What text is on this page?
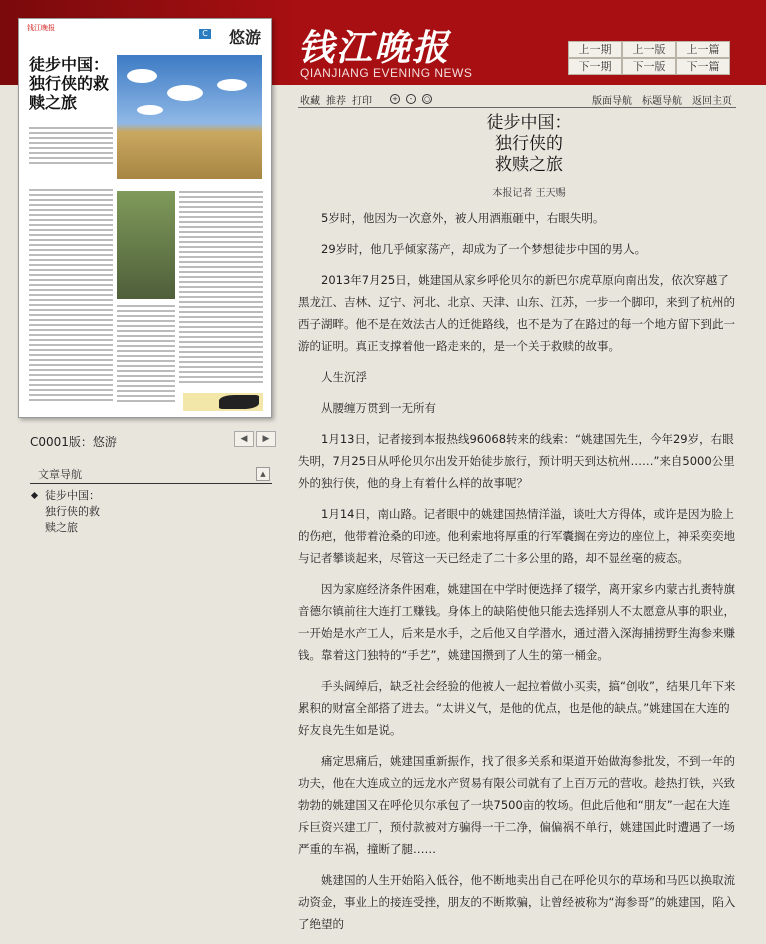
钱江晚报
QIANJIANG EVENING NEWS
上一期	上一版	上一篇
下一期	下一版	下一篇
钱江晚报
C 悠游
徒步中国：独行侠的救赎之旅
C0001版：悠游	◀	▶
文章导航	▲
徒步中国：独行侠的救赎之旅
收藏 推荐 打印	+	-	○	版面导航 标题导航 返回主页
徒步中国：
独行侠的
救赎之旅
本报记者 王天赐

5岁时，他因为一次意外，被人用酒瓶砸中，右眼失明。

29岁时，他几乎倾家荡产，却成为了一个梦想徒步中国的男人。

2013年7月25日，姚建国从家乡呼伦贝尔的新巴尔虎草原向南出发，依次穿越了黑龙江、吉林、辽宁、河北、北京、天津、山东、江苏，一步一个脚印，来到了杭州的西子湖畔。他不是在效法古人的迁徙路线，也不是为了在路过的每一个地方留下到此一游的证明。真正支撑着他一路走来的，是一个关于救赎的故事。

人生沉浮

从腰缠万贯到一无所有

1月13日，记者接到本报热线96068转来的线索：“姚建国先生，今年29岁，右眼失明，7月25日从呼伦贝尔出发开始徒步旅行，预计明天到达杭州……”来自5000公里外的独行侠，他的身上有着什么样的故事呢？

1月14日，南山路。记者眼中的姚建国热情洋溢，谈吐大方得体，或许是因为脸上的伤疤，他带着沧桑的印迹。他利索地将厚重的行军囊搁在旁边的座位上，神采奕奕地与记者攀谈起来，尽管这一天已经走了二十多公里的路，却不显丝毫的疲态。

因为家庭经济条件困难，姚建国在中学时便选择了辍学，离开家乡内蒙古扎赉特旗音德尔镇前往大连打工赚钱。身体上的缺陷使他只能去选择别人不太愿意从事的职业，一开始是水产工人，后来是水手，之后他又自学潜水，通过潜入深海捕捞野生海参来赚钱。靠着这门独特的“手艺”，姚建国攒到了人生的第一桶金。

手头阔绰后，缺乏社会经验的他被人一起拉着做小买卖，搞“创收”，结果几年下来累积的财富全部搭了进去。“太讲义气，是他的优点，也是他的缺点。”姚建国在大连的好友良先生如是说。

痛定思痛后，姚建国重新振作，找了很多关系和渠道开始做海参批发，不到一年的功夫，他在大连成立的远龙水产贸易有限公司就有了上百万元的营收。趁热打铁，兴致勃勃的姚建国又在呼伦贝尔承包了一块7500亩的牧场。但此后他和“朋友”一起在大连斥巨资兴建工厂，预付款被对方骗得一干二净，偏偏祸不单行，姚建国此时遭遇了一场严重的车祸，撞断了腿……

姚建国的人生开始陷入低谷，他不断地卖出自己在呼伦贝尔的草场和马匹以换取流动资金，事业上的接连受挫，朋友的不断欺骗，让曾经被称为“海参哥”的姚建国，陷入了绝望的
